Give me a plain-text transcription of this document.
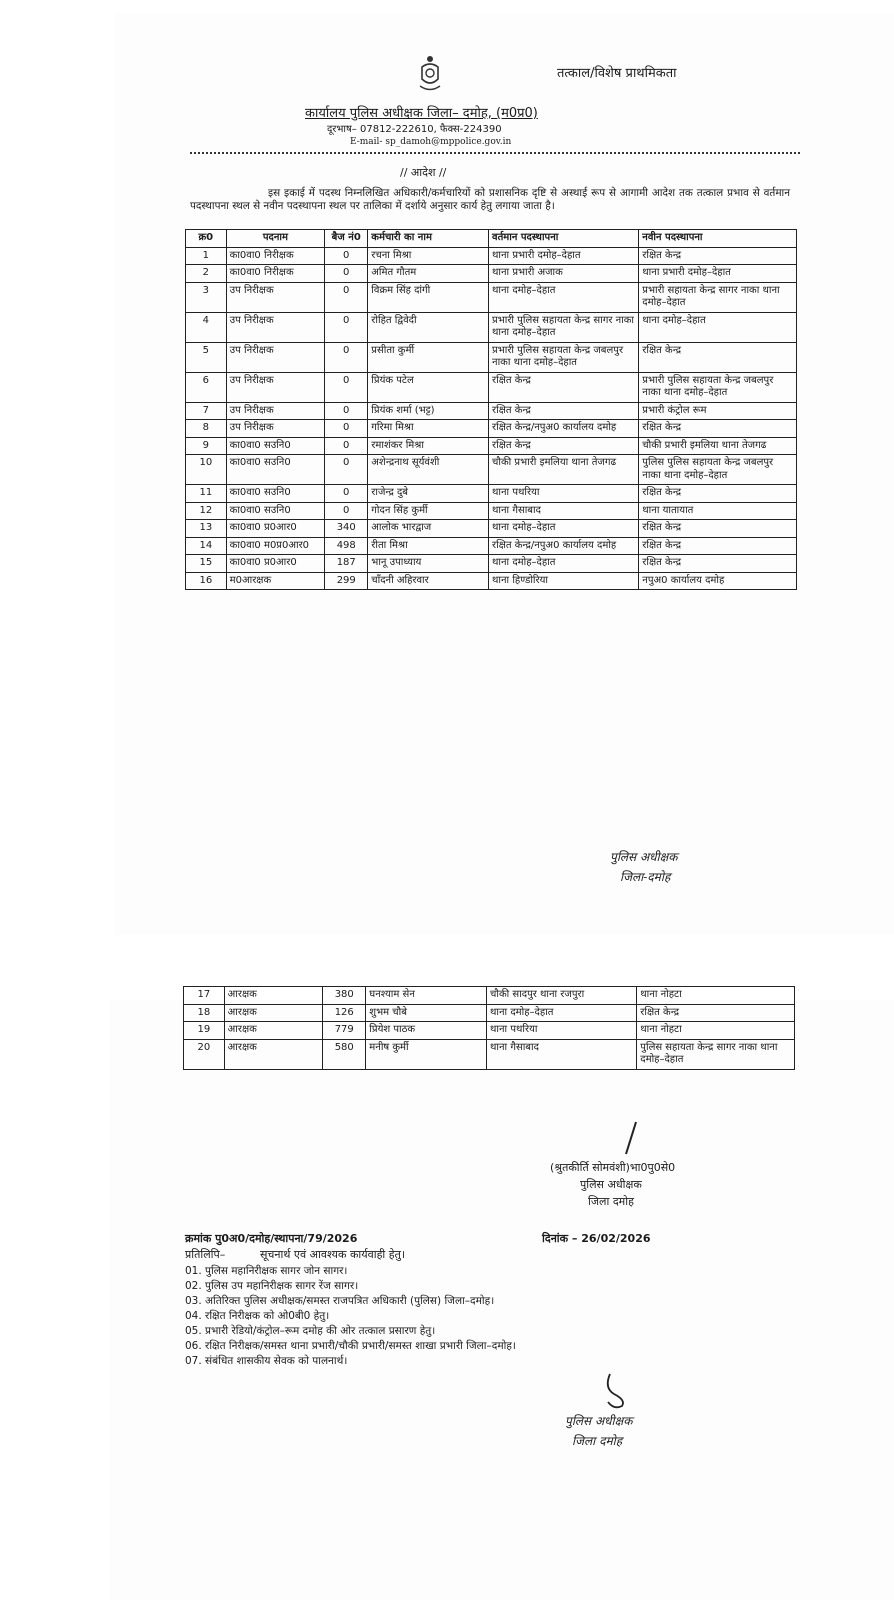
तत्काल/विशेष प्राथमिकता
कार्यालय पुलिस अधीक्षक जिला– दमोह, (म0प्र0)
दूरभाष– 07812-222610, फैक्स-224390
E-mail- sp_damoh@mppolice.gov.in
// आदेश //
इस इकाई में पदस्थ निम्नलिखित अधिकारी/कर्मचारियों को प्रशासनिक दृष्टि से अस्थाई रूप से आगामी आदेश तक तत्काल प्रभाव से वर्तमान पदस्थापना स्थल से नवीन पदस्थापना स्थल पर तालिका में दर्शाये अनुसार कार्य हेतु लगाया जाता है।
क्र0	पदनाम	बैज नं0	कर्मचारी का नाम	वर्तमान पदस्थापना	नवीन पदस्थापना
1	का0वा0 निरीक्षक	0	रचना मिश्रा	थाना प्रभारी दमोह–देहात	रक्षित केन्द्र
2	का0वा0 निरीक्षक	0	अमित गौतम	थाना प्रभारी अजाक	थाना प्रभारी दमोह–देहात
3	उप निरीक्षक	0	विक्रम सिंह दांगी	थाना दमोह–देहात	प्रभारी सहायता केन्द्र सागर नाका थाना दमोह–देहात
4	उप निरीक्षक	0	रोहित द्विवेदी	प्रभारी पुलिस सहायता केन्द्र सागर नाका थाना दमोह–देहात	थाना दमोह–देहात
5	उप निरीक्षक	0	प्रसीता कुर्मी	प्रभारी पुलिस सहायता केन्द्र जबलपुर नाका थाना दमोह–देहात	रक्षित केन्द्र
6	उप निरीक्षक	0	प्रियंक पटेल	रक्षित केन्द्र	प्रभारी पुलिस सहायता केन्द्र जबलपुर नाका थाना दमोह–देहात
7	उप निरीक्षक	0	प्रियंक शर्मा (भट्ट)	रक्षित केन्द्र	प्रभारी कंट्रोल रूम
8	उप निरीक्षक	0	गरिमा मिश्रा	रक्षित केन्द्र/नपुअ0 कार्यालय दमोह	रक्षित केन्द्र
9	का0वा0 सउनि0	0	रमाशंकर मिश्रा	रक्षित केन्द्र	चौकी प्रभारी इमलिया थाना तेजगढ
10	का0वा0 सउनि0	0	अशेन्द्रनाथ सूर्यवंशी	चौकी प्रभारी इमलिया थाना तेजगढ	पुलिस पुलिस सहायता केन्द्र जबलपुर नाका थाना दमोह–देहात
11	का0वा0 सउनि0	0	राजेन्द्र दुबे	थाना पथरिया	रक्षित केन्द्र
12	का0वा0 सउनि0	0	गोदन सिंह कुर्मी	थाना गैसाबाद	थाना यातायात
13	का0वा0 प्र0आर0	340	आलोक भारद्वाज	थाना दमोह–देहात	रक्षित केन्द्र
14	का0वा0 म0प्र0आर0	498	रीता मिश्रा	रक्षित केन्द्र/नपुअ0 कार्यालय दमोह	रक्षित केन्द्र
15	का0वा0 प्र0आर0	187	भानू उपाध्याय	थाना दमोह–देहात	रक्षित केन्द्र
16	म0आरक्षक	299	चाँदनी अहिरवार	थाना हिण्डोरिया	नपुअ0 कार्यालय दमोह
पुलिस अधीक्षक
जिला-दमोह
17	आरक्षक	380	घनश्याम सेन	चौकी सादपुर थाना रजपुरा	थाना नोहटा
18	आरक्षक	126	शुभम चौबे	थाना दमोह–देहात	रक्षित केन्द्र
19	आरक्षक	779	प्रियेश पाठक	थाना पथरिया	थाना नोहटा
20	आरक्षक	580	मनीष कुर्मी	थाना गैसाबाद	पुलिस सहायता केन्द्र सागर नाका थाना दमोह–देहात
(श्रुतकीर्ति सोमवंशी)भा0पु0से0
पुलिस अधीक्षक
जिला दमोह
क्रमांक पु0अ0/दमोह/स्थापना/79/2026	दिनांक – 26/02/2026
प्रतिलिपि–	सूचनार्थ एवं आवश्यक कार्यवाही हेतु।
01. पुलिस महानिरीक्षक सागर जोन सागर।
02. पुलिस उप महानिरीक्षक सागर रेंज सागर।
03. अतिरिक्त पुलिस अधीक्षक/समस्त राजपत्रित अधिकारी (पुलिस) जिला–दमोह।
04. रक्षित निरीक्षक को ओ0बी0 हेतु।
05. प्रभारी रेडियो/कंट्रोल–रूम दमोह की ओर तत्काल प्रसारण हेतु।
06. रक्षित निरीक्षक/समस्त थाना प्रभारी/चौकी प्रभारी/समस्त शाखा प्रभारी जिला–दमोह।
07. संबंधित शासकीय सेवक को पालनार्थ।
पुलिस अधीक्षक
जिला दमोह
